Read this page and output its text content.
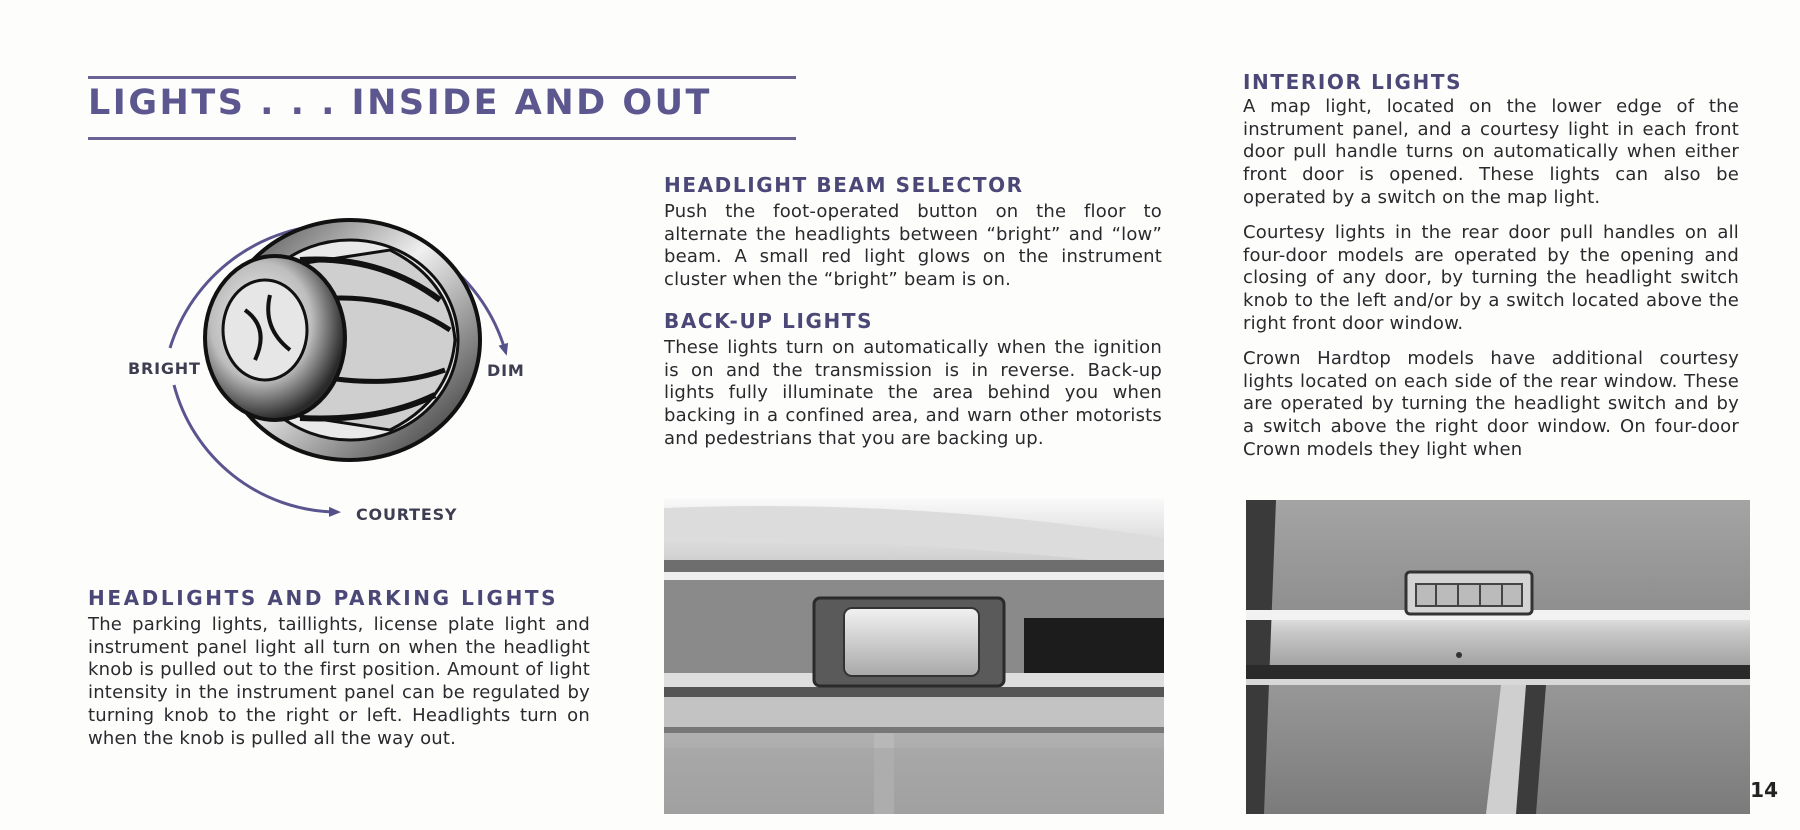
LIGHTS . . . INSIDE AND OUT
BRIGHT	DIM
COURTESY
HEADLIGHTS AND PARKING LIGHTS

The parking lights, taillights, license plate light and instrument panel light all turn on when the headlight knob is pulled out to the first position. Amount of light intensity in the instrument panel can be regulated by turning knob to the right or left. Headlights turn on when the knob is pulled all the way out.

HEADLIGHT BEAM SELECTOR

Push the foot-operated button on the floor to alternate the headlights between “bright” and “low” beam. A small red light glows on the instrument cluster when the “bright” beam is on.

BACK-UP LIGHTS

These lights turn on automatically when the ignition is on and the transmission is in reverse. Back-up lights fully illuminate the area behind you when backing in a confined area, and warn other motorists and pedestrians that you are backing up.

INTERIOR LIGHTS

A map light, located on the lower edge of the instrument panel, and a courtesy light in each front door pull handle turns on automatically when either front door is opened. These lights can also be operated by a switch on the map light.

Courtesy lights in the rear door pull handles on all four-door models are operated by the opening and closing of any door, by turning the headlight switch knob to the left and/or by a switch located above the right front door window.

Crown Hardtop models have additional courtesy lights located on each side of the rear window. These are operated by turning the headlight switch and by a switch above the right door window. On four-door Crown models they light when

14
